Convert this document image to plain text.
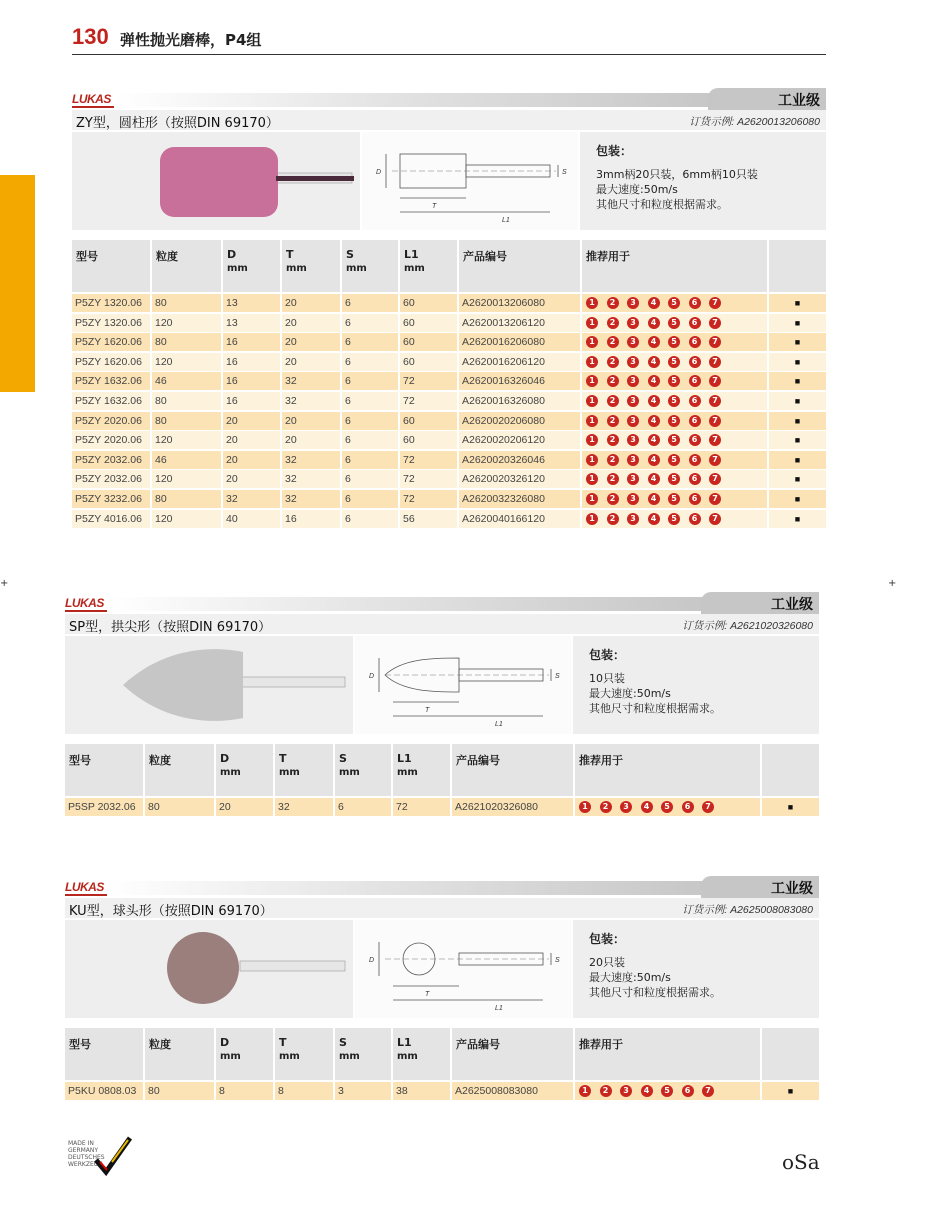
130 弹性抛光磨棒，P4组
+	+
LUKAS	工业级
ZY型，圆柱形（按照DIN 69170）	订货示例: A2620013206080
D
T
L1
S
包装：
3mm柄20只装，6mm柄10只装
最大速度:50m/s
其他尺寸和粒度根据需求。
型号	粒度	D
mm
T
mm
S
mm
L1
mm
产品编号	推荐用于
P5ZY 1320.06	80	13	20	6	60	A2620013206080	1	2	3	4	5	6	7	■
P5ZY 1320.06	120	13	20	6	60	A2620013206120	1	2	3	4	5	6	7	■
P5ZY 1620.06	80	16	20	6	60	A2620016206080	1	2	3	4	5	6	7	■
P5ZY 1620.06	120	16	20	6	60	A2620016206120	1	2	3	4	5	6	7	■
P5ZY 1632.06	46	16	32	6	72	A2620016326046	1	2	3	4	5	6	7	■
P5ZY 1632.06	80	16	32	6	72	A2620016326080	1	2	3	4	5	6	7	■
P5ZY 2020.06	80	20	20	6	60	A2620020206080	1	2	3	4	5	6	7	■
P5ZY 2020.06	120	20	20	6	60	A2620020206120	1	2	3	4	5	6	7	■
P5ZY 2032.06	46	20	32	6	72	A2620020326046	1	2	3	4	5	6	7	■
P5ZY 2032.06	120	20	32	6	72	A2620020326120	1	2	3	4	5	6	7	■
P5ZY 3232.06	80	32	32	6	72	A2620032326080	1	2	3	4	5	6	7	■
P5ZY 4016.06	120	40	16	6	56	A2620040166120	1	2	3	4	5	6	7	■
LUKAS	工业级
SP型，拱尖形（按照DIN 69170）	订货示例: A2621020326080
D
T
L1
S
包装：
10只装
最大速度:50m/s
其他尺寸和粒度根据需求。
型号	粒度	D
mm
T
mm
S
mm
L1
mm
产品编号	推荐用于
P5SP 2032.06	80	20	32	6	72	A2621020326080	1	2	3	4	5	6	7	■
LUKAS	工业级
KU型，球头形（按照DIN 69170）	订货示例: A2625008083080
D
T
L1
S
包装：
20只装
最大速度:50m/s
其他尺寸和粒度根据需求。
型号	粒度	D
mm
T
mm
S
mm
L1
mm
产品编号	推荐用于
P5KU 0808.03	80	8	8	3	38	A2625008083080	1	2	3	4	5	6	7	■
MADE IN GERMANY DEUTSCHES WERKZEUG	oSa
